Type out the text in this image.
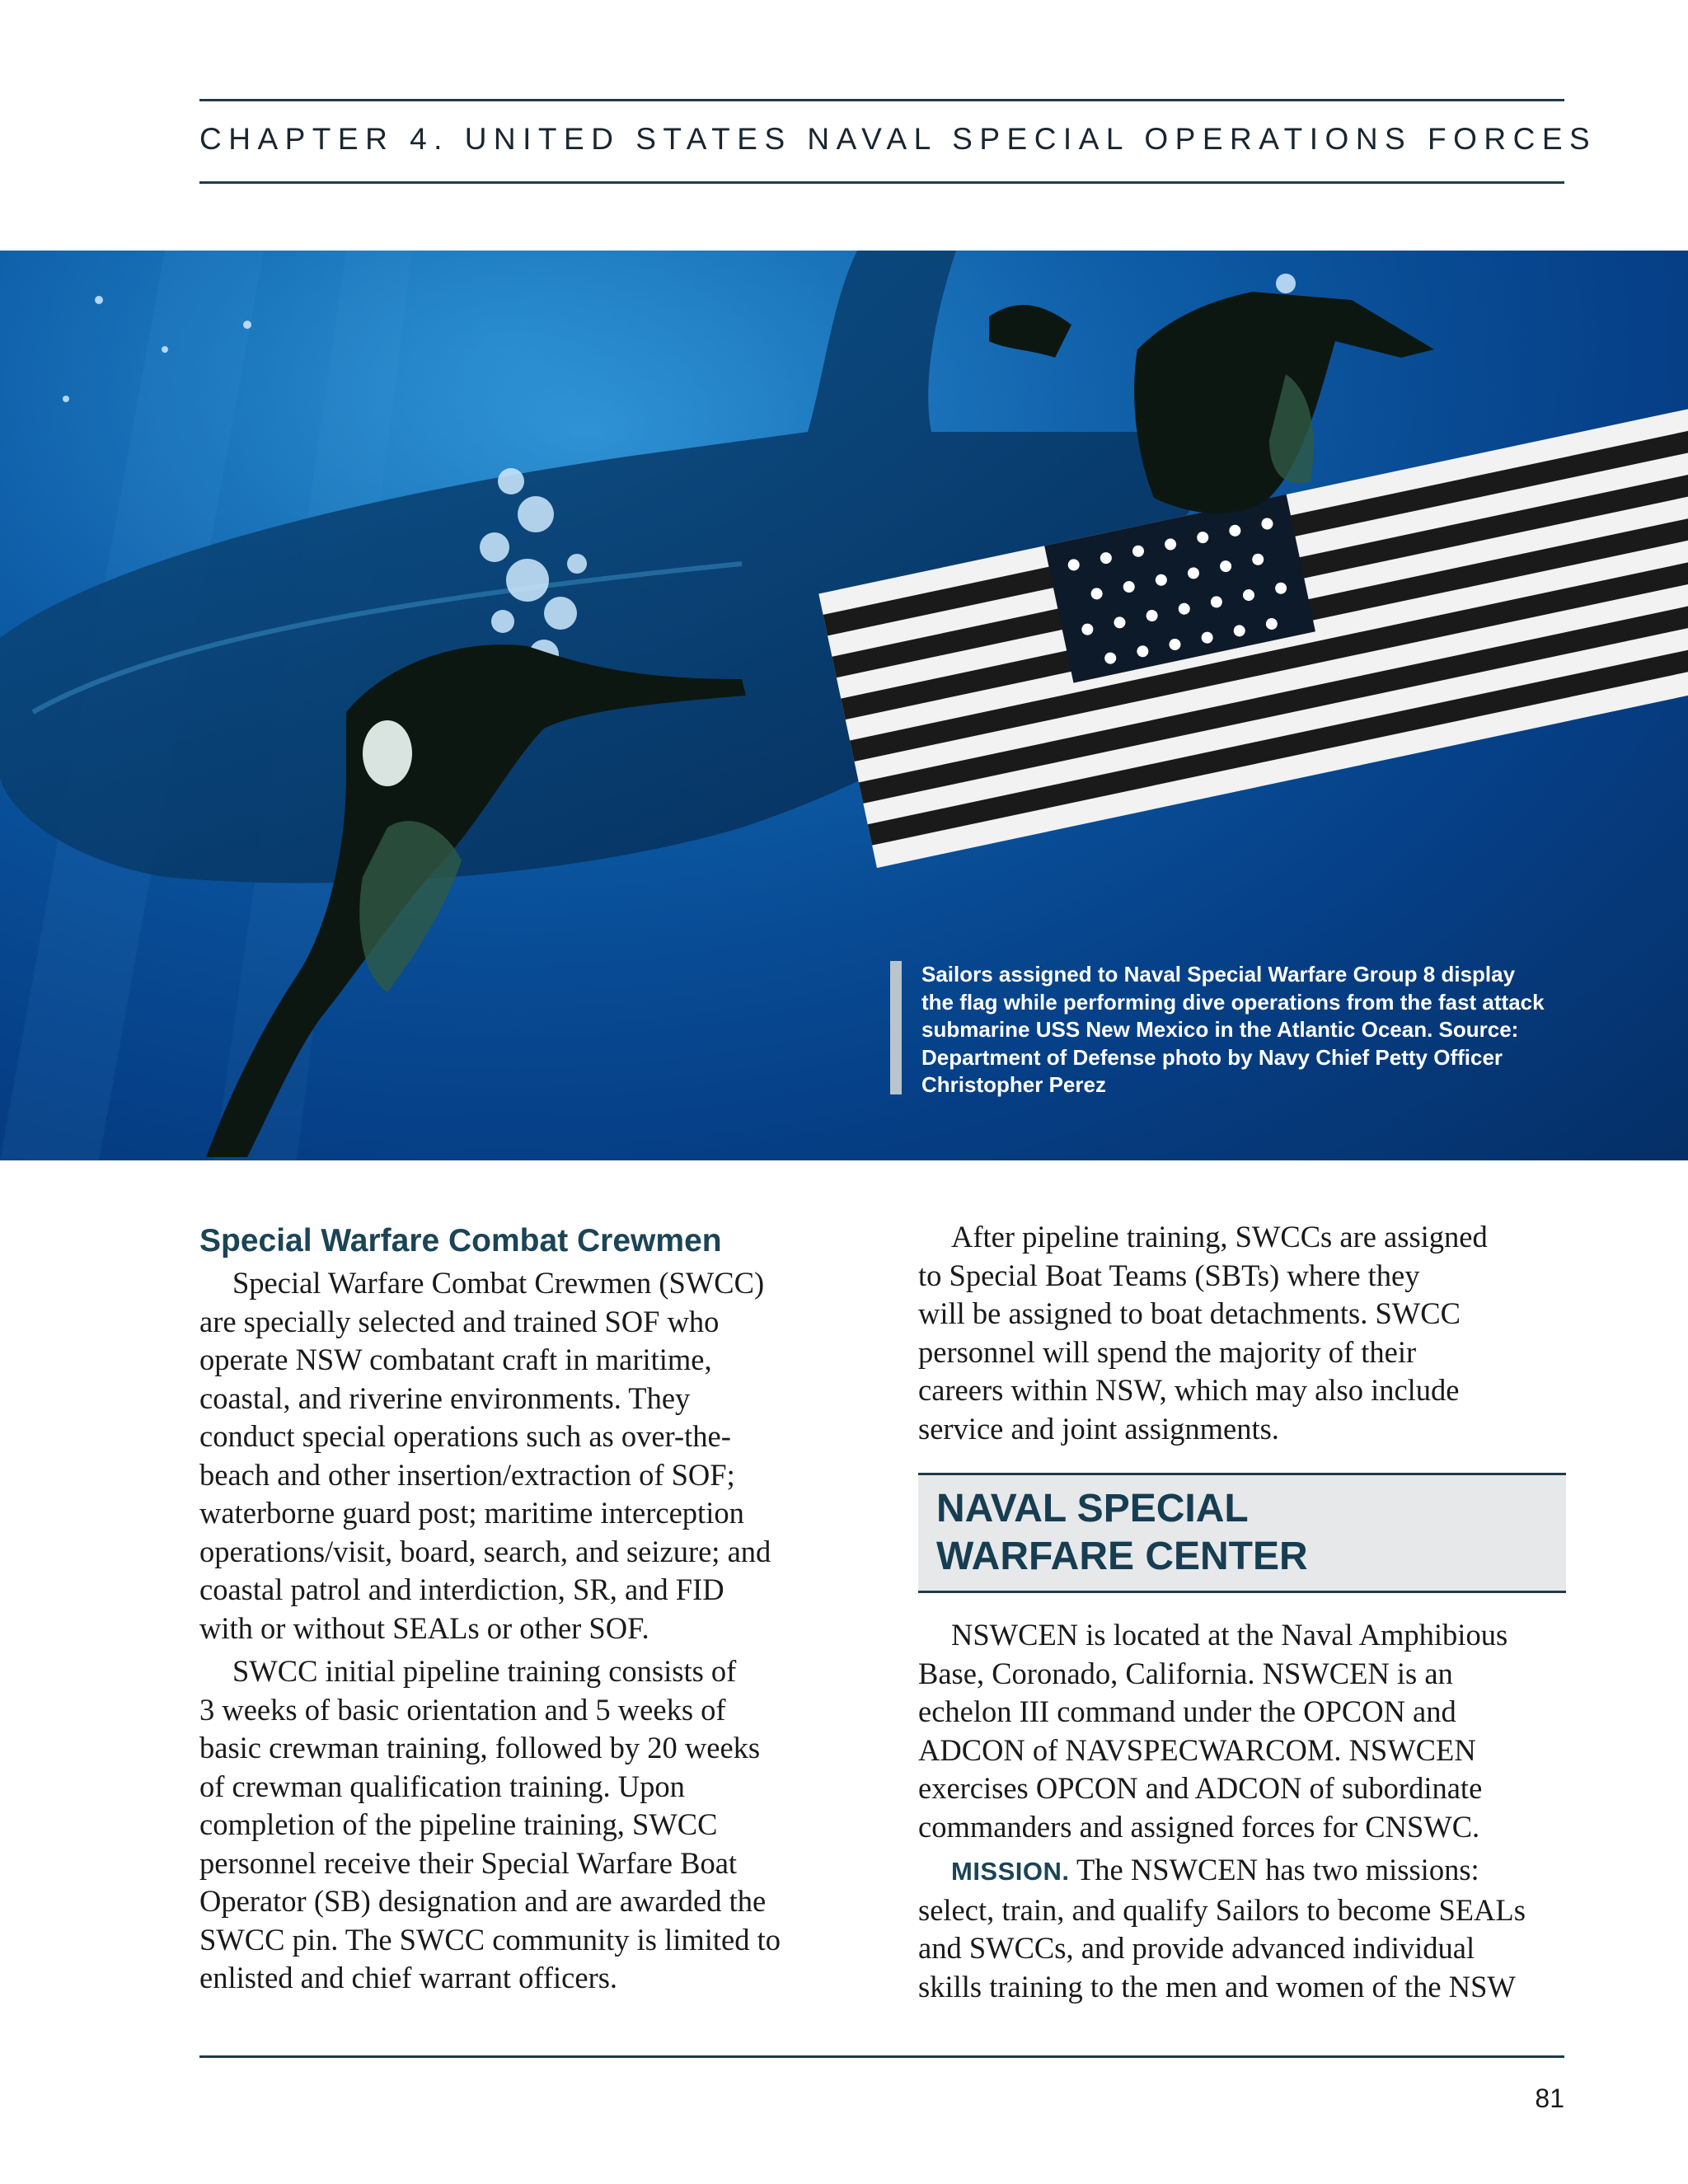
CHAPTER 4. UNITED STATES NAVAL SPECIAL OPERATIONS FORCES
Sailors assigned to Naval Special Warfare Group 8 display
the flag while performing dive operations from the fast attack
submarine USS New Mexico in the Atlantic Ocean. Source:
Department of Defense photo by Navy Chief Petty Officer
Christopher Perez
Special Warfare Combat Crewmen
Special Warfare Combat Crewmen (SWCC)
are specially selected and trained SOF who
operate NSW combatant craft in maritime,
coastal, and riverine environments. They
conduct special operations such as over-the-
beach and other insertion/extraction of SOF;
waterborne guard post; maritime interception
operations/visit, board, search, and seizure; and
coastal patrol and interdiction, SR, and FID
with or without SEALs or other SOF.
SWCC initial pipeline training consists of
3 weeks of basic orientation and 5 weeks of
basic crewman training, followed by 20 weeks
of crewman qualification training. Upon
completion of the pipeline training, SWCC
personnel receive their Special Warfare Boat
Operator (SB) designation and are awarded the
SWCC pin. The SWCC community is limited to
enlisted and chief warrant officers.
After pipeline training, SWCCs are assigned
to Special Boat Teams (SBTs) where they
will be assigned to boat detachments. SWCC
personnel will spend the majority of their
careers within NSW, which may also include
service and joint assignments.
NAVAL SPECIAL
WARFARE CENTER
NSWCEN is located at the Naval Amphibious
Base, Coronado, California. NSWCEN is an
echelon III command under the OPCON and
ADCON of NAVSPECWARCOM. NSWCEN
exercises OPCON and ADCON of subordinate
commanders and assigned forces for CNSWC.
MISSION. The NSWCEN has two missions:
select, train, and qualify Sailors to become SEALs
and SWCCs, and provide advanced individual
skills training to the men and women of the NSW
81
